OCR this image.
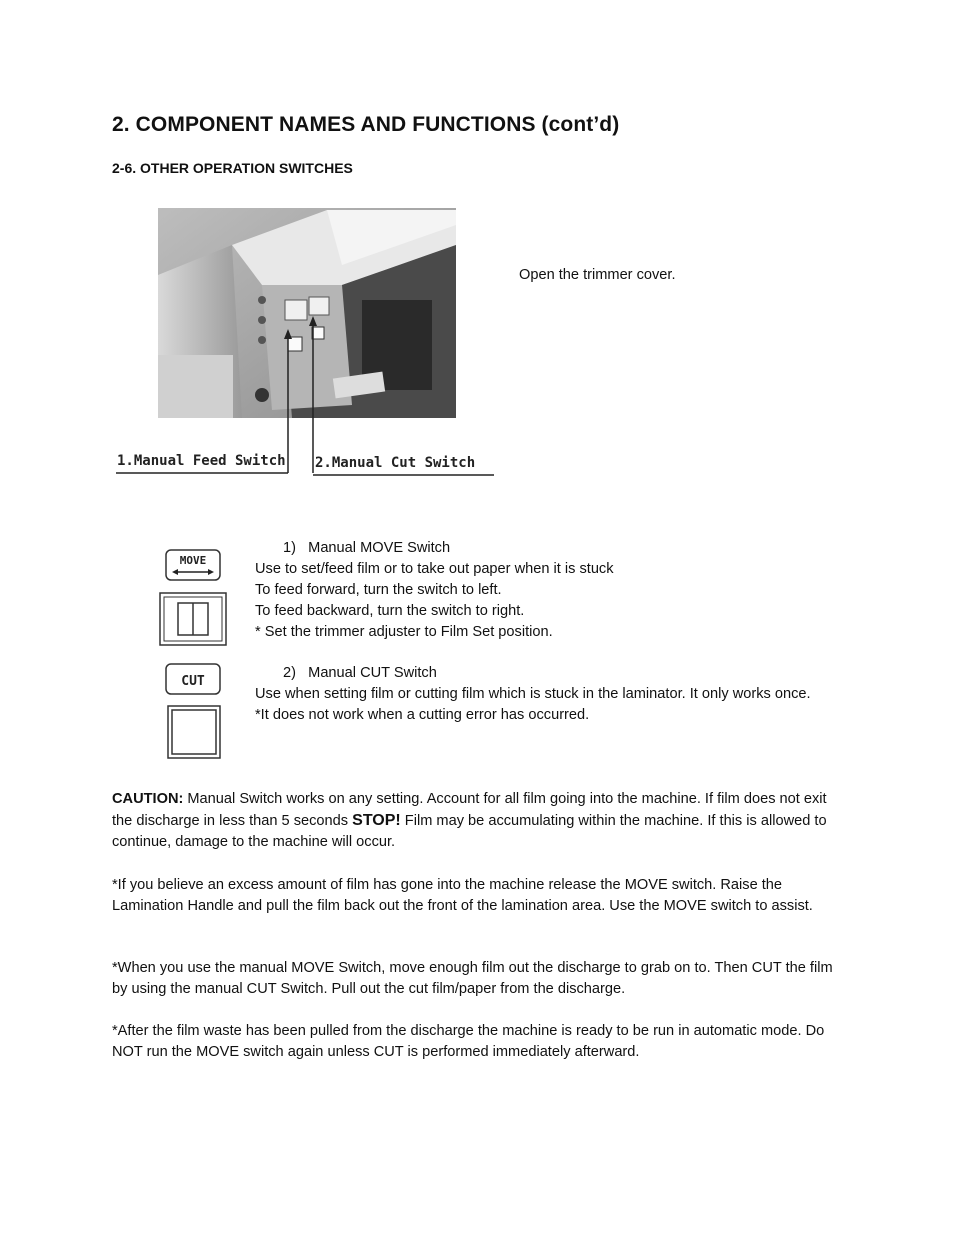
2. COMPONENT NAMES AND FUNCTIONS (cont’d)
2-6. OTHER OPERATION SWITCHES
1.Manual Feed Switch 2.Manual Cut Switch
Open the trimmer cover.
MOVE
1) Manual MOVE Switch
Use to set/feed film or to take out paper when it is stuck
To feed forward, turn the switch to left.
To feed backward, turn the switch to right.
* Set the trimmer adjuster to Film Set position.
CUT
2) Manual CUT Switch
Use when setting film or cutting film which is stuck in the laminator. It only works once.
*It does not work when a cutting error has occurred.
CAUTION: Manual Switch works on any setting. Account for all film going into the machine. If film does not exit the discharge in less than 5 seconds STOP! Film may be accumulating within the machine. If this is allowed to continue, damage to the machine will occur.
*If you believe an excess amount of film has gone into the machine release the MOVE switch. Raise the Lamination Handle and pull the film back out the front of the lamination area. Use the MOVE switch to assist.
*When you use the manual MOVE Switch, move enough film out the discharge to grab on to. Then CUT the film by using the manual CUT Switch. Pull out the cut film/paper from the discharge.
*After the film waste has been pulled from the discharge the machine is ready to be run in automatic mode. Do NOT run the MOVE switch again unless CUT is performed immediately afterward.
